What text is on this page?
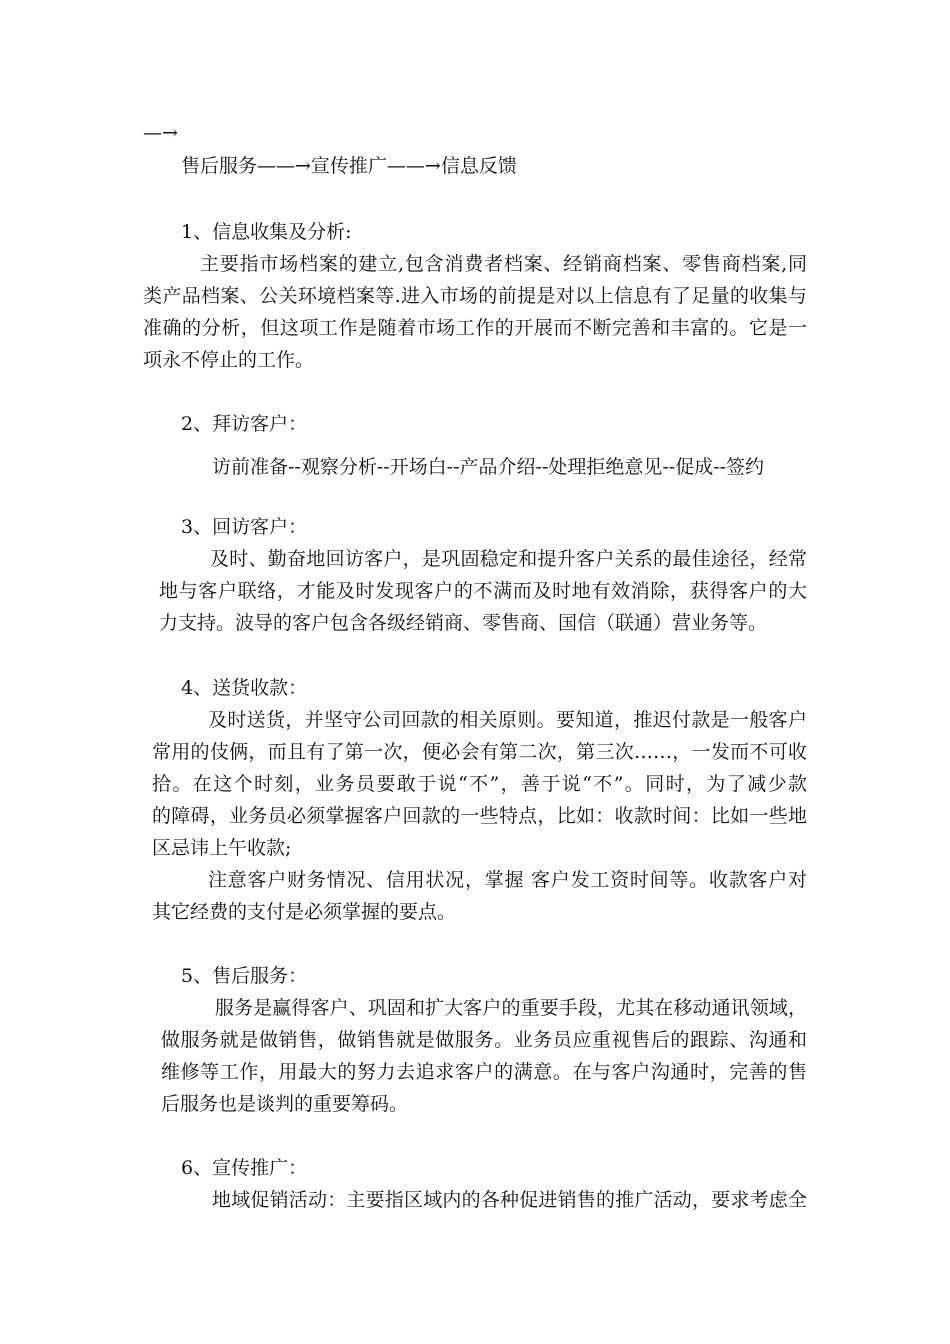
—→
售后服务——→宣传推广——→信息反馈
1、信息收集及分析:
主要指市场档案的建立,包含消费者档案、经销商档案、零售商档案,同
类产品档案、公关环境档案等.进入市场的前提是对以上信息有了足量的收集与
准确的分析，但这项工作是随着市场工作的开展而不断完善和丰富的。它是一
项永不停止的工作。
2、拜访客户：
访前准备--观察分析--开场白--产品介绍--处理拒绝意见--促成--签约
3、回访客户：
及时、勤奋地回访客户，是巩固稳定和提升客户关系的最佳途径，经常
地与客户联络，才能及时发现客户的不满而及时地有效消除，获得客户的大
力支持。波导的客户包含各级经销商、零售商、国信（联通）营业务等。
4、送货收款：
及时送货，并坚守公司回款的相关原则。要知道，推迟付款是一般客户
常用的伎俩，而且有了第一次，便必会有第二次，第三次……，一发而不可收
拾。在这个时刻，业务员要敢于说“不”，善于说“不”。同时，为了减少款
的障碍，业务员必须掌握客户回款的一些特点，比如：收款时间：比如一些地
区忌讳上午收款;
注意客户财务情况、信用状况，掌握 客户发工资时间等。收款客户对
其它经费的支付是必须掌握的要点。
5、售后服务：
服务是赢得客户、巩固和扩大客户的重要手段，尤其在移动通讯领域，
做服务就是做销售，做销售就是做服务。业务员应重视售后的跟踪、沟通和
维修等工作，用最大的努力去追求客户的满意。在与客户沟通时，完善的售
后服务也是谈判的重要筹码。
6、宣传推广：
地域促销活动：主要指区域内的各种促进销售的推广活动，要求考虑全
